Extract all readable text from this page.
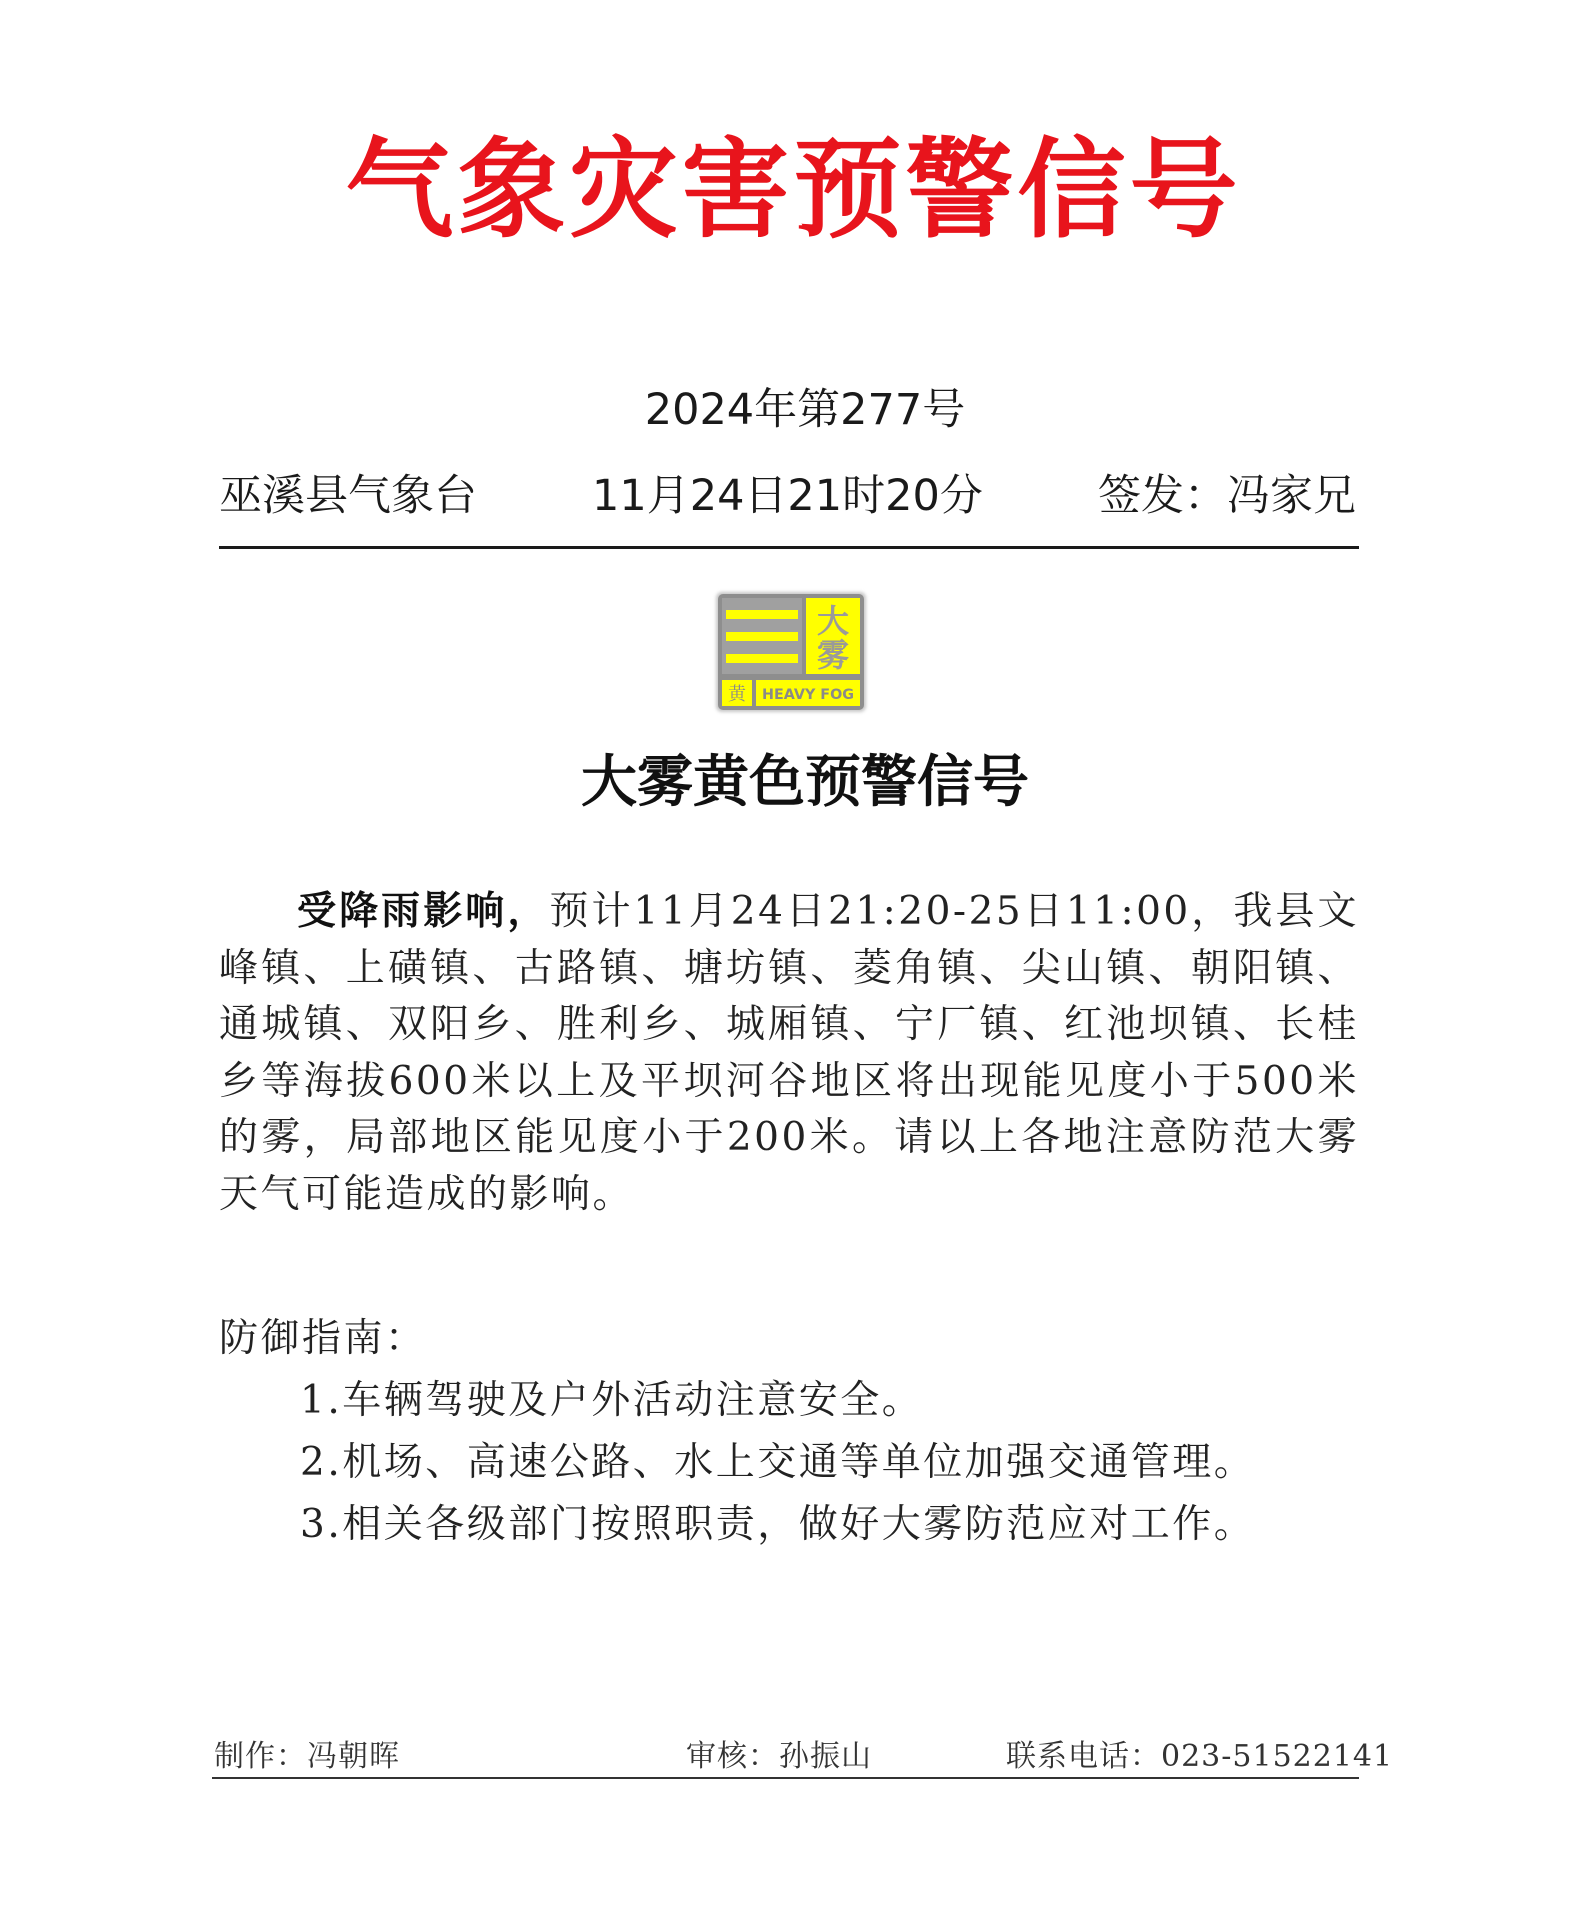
气象灾害预警信号
2024年第277号
巫溪县气象台	11月24日21时20分	签发：冯家兄
大
雾
黄 HEAVY FOG
大雾黄色预警信号

受降雨影响，预计11月24日21:20-25日11:00，我县文峰镇、上磺镇、古路镇、塘坊镇、菱角镇、尖山镇、朝阳镇、通城镇、双阳乡、胜利乡、城厢镇、宁厂镇、红池坝镇、长桂乡等海拔600米以上及平坝河谷地区将出现能见度小于500米的雾，局部地区能见度小于200米。请以上各地注意防范大雾天气可能造成的影响。

防御指南：
1.车辆驾驶及户外活动注意安全。
2.机场、高速公路、水上交通等单位加强交通管理。
3.相关各级部门按照职责，做好大雾防范应对工作。
制作：冯朝晖	审核：孙振山	联系电话：023-51522141
